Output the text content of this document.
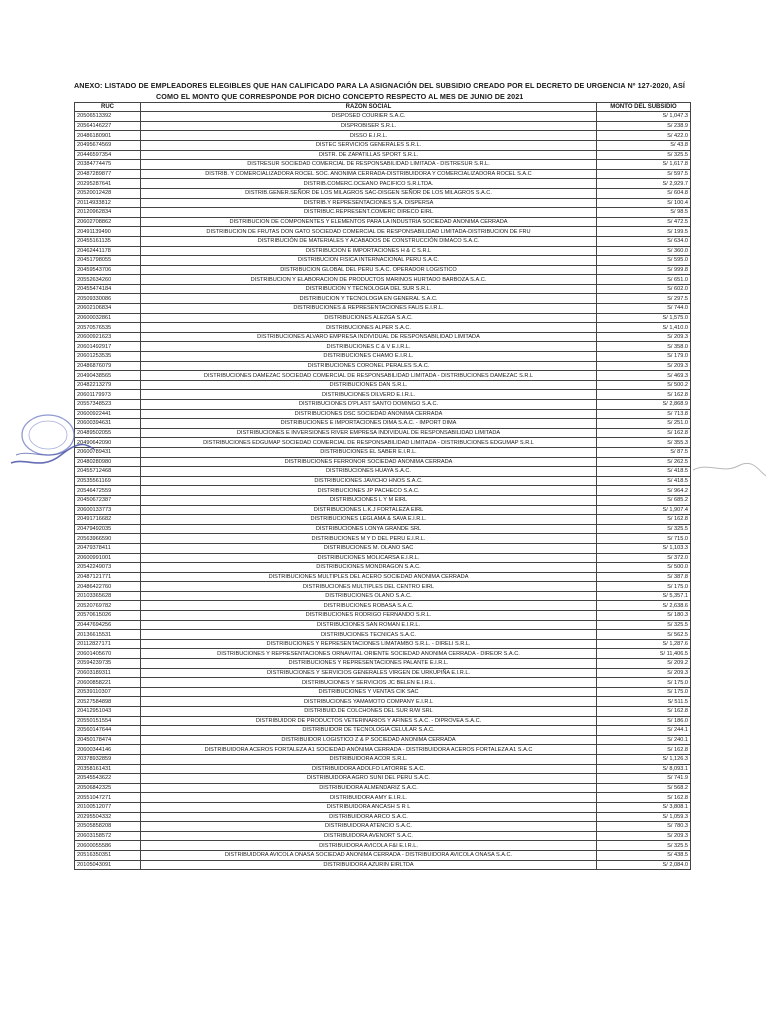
ANEXO: LISTADO DE EMPLEADORES ELEGIBLES QUE HAN CALIFICADO PARA LA ASIGNACIÓN DEL SUBSIDIO CREADO POR EL DECRETO DE URGENCIA Nº 127-2020, ASÍ
COMO EL MONTO QUE CORRESPONDE POR DICHO CONCEPTO RESPECTO AL MES DE JUNIO DE 2021
RUC	RAZÓN SOCIAL	MONTO DEL SUBSIDIO
20506513392	DISPOSED COURIER S.A.C.	S/ 1,047.3
20564146227	DISPROBISER S.R.L.	S/ 238.9
20486180901	DISSO E.I.R.L.	S/ 422.0
20495674569	DISTEC SERVICIOS GENERALES S.R.L.	S/ 43.8
20446597354	DISTR. DE ZAPATILLAS SPORT S.R.L.	S/ 325.5
20384774475	DISTRESUR SOCIEDAD COMERCIAL DE RESPONSABILIDAD LIMITADA - DISTRESUR S.R.L.	S/ 1,617.8
20487289877	DISTRIB. Y COMERCIALIZADORA ROCEL SOC. ANONIMA CERRADA-DISTRIBUIDORA Y COMERCIALIZADORA ROCEL S.A.C	S/ 597.5
20295287641	DISTRIB.COMERC.OCEANO PACIFICO S.R.LTDA.	S/ 2,929.7
20520012428	DISTRIB.GENER.SEÑOR DE LOS MILAGROS SAC-DISGEN SEÑOR DE LOS MILAGROS S.A.C.	S/ 604.8
20114933812	DISTRIB.Y REPRESENTACIONES S.A. DISPERSA	S/ 100.4
20120962834	DISTRIBUC.REPRESENT.COMERC DIRECO EIRL	S/ 98.5
20602708862	DISTRIBUCION DE COMPONENTES Y ELEMENTOS PARA LA INDUSTRIA SOCIEDAD ANONIMA CERRADA	S/ 472.5
20491139490	DISTRIBUCION DE FRUTAS DON GATO SOCIEDAD COMERCIAL DE RESPONSABILIDAD LIMITADA-DISTRIBUCION DE FRU	S/ 199.5
20455161135	DISTRIBUCIÓN DE MATERIALES Y ACABADOS DE CONSTRUCCIÓN DIMACO S.A.C.	S/ 634.0
20462441178	DISTRIBUCION E IMPORTACIONES H & C S.R.L	S/ 360.0
20451798055	DISTRIBUCION FISICA INTERNACIONAL PERU S.A.C.	S/ 595.0
20459543706	DISTRIBUCION GLOBAL DEL PERU S.A.C. OPERADOR LOGISTICO	S/ 999.8
20552634260	DISTRIBUCION Y ELABORACION DE PRODUCTOS MARINOS HURTADO BARBOZA S.A.C.	S/ 651.0
20455474184	DISTRIBUCION Y TECNOLOGIA DEL SUR S.R.L.	S/ 602.0
20509330086	DISTRIBUCION Y TECNOLOGIA EN GENERAL S.A.C.	S/ 297.5
20602106834	DISTRIBUCIONES & REPRESENTACIONES FALIS E.I.R.L.	S/ 744.0
20600032861	DISTRIBUCIONES ALEZGA S.A.C.	S/ 1,575.0
20570576535	DISTRIBUCIONES ALPER S.A.C.	S/ 1,410.0
20600921623	DISTRIBUCIONES ALVARO EMPRESA INDIVIDUAL DE RESPONSABILIDAD LIMITADA	S/ 209.3
20601492917	DISTRIBUCIONES C & V E.I.R.L.	S/ 358.0
20601253535	DISTRIBUCIONES CHAMO E.I.R.L.	S/ 179.0
20486876079	DISTRIBUCIONES CORONEL PERALES S.A.C.	S/ 209.3
20490438565	DISTRIBUCIONES DAMEZAC SOCIEDAD COMERCIAL DE RESPONSABILIDAD LIMITADA - DISTRIBUCIONES DAMEZAC S.R.L	S/ 469.3
20482213279	DISTRIBUCIONES DAN S.R.L.	S/ 500.2
20601179973	DISTRIBUCIONES DILVERD E.I.R.L.	S/ 162.8
20557348523	DISTRIBUCIONES D'PLAST SANTO DOMINGO S.A.C.	S/ 2,868.9
20600922441	DISTRIBUCIONES DSC SOCIEDAD ANONIMA CERRADA	S/ 713.8
20600394631	DISTRIBUCIONES E IMPORTACIONES DIMA S.A.C. - IMPORT DIMA	S/ 251.0
20489502055	DISTRIBUCIONES E INVERSIONES RIVER EMPRESA INDIVIDUAL DE RESPONSABILIDAD LIMITADA	S/ 162.8
20490642090	DISTRIBUCIONES EDGUMAP SOCIEDAD COMERCIAL DE RESPONSABILIDAD LIMITADA - DISTRIBUCIONES EDGUMAP S.R.L	S/ 355.3
20600789431	DISTRIBUCIONES EL SABER E.I.R.L.	S/ 87.5
20480280980	DISTRIBUCIONES FERRONOR SOCIEDAD ANONIMA CERRADA	S/ 262.5
20455712468	DISTRIBUCIONES HUAYA S.A.C.	S/ 418.5
20535561169	DISTRIBUCIONES JAVICHO HNOS S.A.C.	S/ 418.5
20546472559	DISTRIBUCIONES JP PACHECO S.A.C.	S/ 964.2
20450672387	DISTRIBUCIONES L Y M EIRL	S/ 685.2
20600133773	DISTRIBUCIONES L.K.J FORTALEZA EIRL	S/ 1,907.4
20491716682	DISTRIBUCIONES LEGLAMA & SAVA E.I.R.L.	S/ 162.8
20479492035	DISTRIBUCIONES LONYA GRANDE SRL	S/ 325.5
20563966590	DISTRIBUCIONES M Y D DEL PERU E.I.R.L.	S/ 715.0
20479378411	DISTRIBUCIONES M. OLANO SAC	S/ 1,103.3
20600991001	DISTRIBUCIONES MOLICARSA E.I.R.L.	S/ 372.0
20542249073	DISTRIBUCIONES MONDRAGON S.A.C.	S/ 500.0
20487121771	DISTRIBUCIONES MULTIPLES DEL ACERO SOCIEDAD ANONIMA CERRADA	S/ 387.8
20486422760	DISTRIBUCIONES MULTIPLES DEL CENTRO EIRL	S/ 175.0
20103365628	DISTRIBUCIONES OLANO S.A.C.	S/ 5,357.1
20520769782	DISTRIBUCIONES ROBASA S.A.C.	S/ 2,638.6
20570615026	DISTRIBUCIONES RODRIGO FERNANDO S.R.L.	S/ 180.3
20447694256	DISTRIBUCIONES SAN ROMAN E.I.R.L.	S/ 325.5
20136615531	DISTRIBUCIONES TECNICAS S.A.C.	S/ 562.5
20112827171	DISTRIBUCIONES Y REPRESENTACIONES LIMATAMBO S.R.L. - DIRELI S.R.L.	S/ 1,287.6
20601405670	DISTRIBUCIONES Y REPRESENTACIONES ORNAVITAL ORIENTE SOCIEDAD ANONIMA CERRADA - DIREOR S.A.C.	S/ 11,406.5
20594239735	DISTRIBUCIONES Y REPRESENTACIONES PALANTE E.I.R.L.	S/ 209.2
20603189311	DISTRIBUCIONES Y SERVICIOS GENERALES VIRGEN DE URKUPIÑA E.I.R.L.	S/ 209.3
20600858221	DISTRIBUCIONES Y SERVICIOS JC BELEN E.I.R.L.	S/ 175.0
20539110307	DISTRIBUCIONES Y VENTAS CIK SAC	S/ 175.0
20527584898	DISTRIBUCIONES YAMAMOTO COMPANY E.I.R.L	S/ 511.5
20412951043	DISTRIBUID.DE COLCHONES DEL SUR R/W SRL	S/ 162.8
20550151554	DISTRIBUIDOR DE PRODUCTOS VETERINARIOS Y AFINES S.A.C. - DIPROVEA S.A.C.	S/ 186.0
20560147644	DISTRIBUIDOR DE TECNOLOGIA CELULAR S.A.C.	S/ 244.1
20450178474	DISTRIBUIDOR LOGISTICO Z & P SOCIEDAD ANONIMA CERRADA	S/ 240.1
20600344146	DISTRIBUIDORA ACEROS FORTALEZA A1 SOCIEDAD ANÓNIMA CERRADA - DISTRIBUIDORA ACEROS FORTALEZA A1 S.A.C	S/ 162.8
20378932859	DISTRIBUIDORA ACOR S.R.L.	S/ 1,126.3
20358161431	DISTRIBUIDORA ADOLFO LATORRE S.A.C.	S/ 8,093.1
20545543622	DISTRIBUIDORA AGRO SUNI DEL PERU S.A.C.	S/ 741.9
20506842325	DISTRIBUIDORA ALMENDARIZ S.A.C.	S/ 568.2
20551047271	DISTRIBUIDORA AMY E.I.R.L.	S/ 162.8
20100512077	DISTRIBUIDORA ANCASH S R L	S/ 3,808.1
20295504332	DISTRIBUIDORA ARCO S.A.C.	S/ 1,059.3
20505858208	DISTRIBUIDORA ATENCIO S.A.C.	S/ 780.3
20603158572	DISTRIBUIDORA AVENORT S.A.C.	S/ 209.3
20600055586	DISTRIBUIDORA AVICOLA F&I E.I.R.L.	S/ 325.5
20516350351	DISTRIBUIDORA AVICOLA ONASA SOCIEDAD ANONIMA CERRADA - DISTRIBUIDORA AVICOLA ONASA S.A.C.	S/ 438.5
20105043091	DISTRIBUIDORA AZURIN EIRLTDA	S/ 2,084.0
